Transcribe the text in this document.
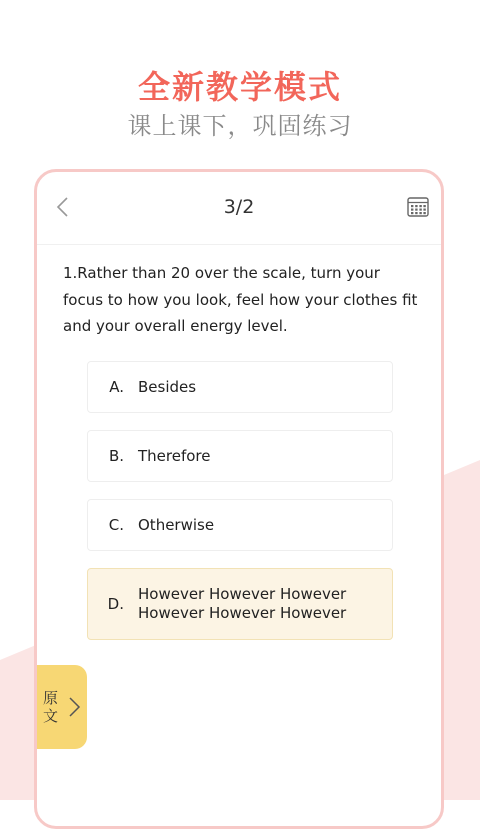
全新教学模式
课上课下，巩固练习
3/2
1.Rather than 20 over the scale, turn your focus to how you look, feel how your clothes fit and your overall energy level.
A. Besides
B. Therefore
C. Otherwise
D.
However However However However However However
原文
